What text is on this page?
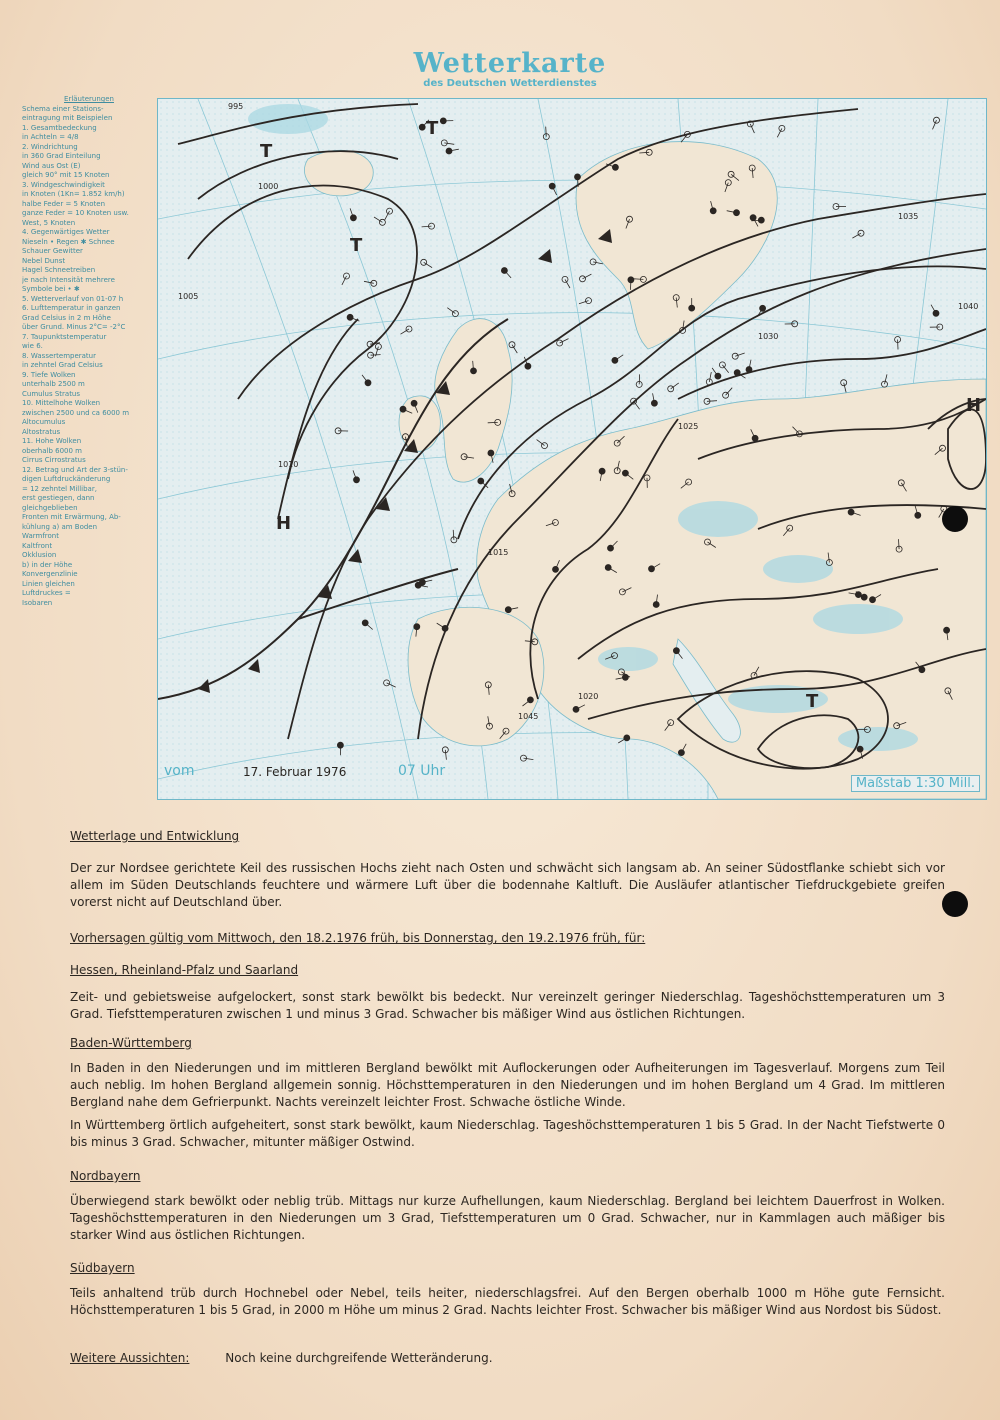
Wetterkarte
des Deutschen Wetterdienstes
Erläuterungen
Schema einer Stations-
eintragung mit Beispielen
1. Gesamtbedeckung
in Achteln = 4/8
2. Windrichtung
in 360 Grad Einteilung
Wind aus Ost (E)
gleich 90° mit 15 Knoten
3. Windgeschwindigkeit
in Knoten (1Kn= 1.852 km/h)
halbe Feder = 5 Knoten
ganze Feder = 10 Knoten usw.
West, 5 Knoten
4. Gegenwärtiges Wetter
Nieseln • Regen ✱ Schnee
Schauer Gewitter
Nebel Dunst
Hagel Schneetreiben
je nach Intensität mehrere
Symbole bei • ✱
5. Wetterverlauf von 01-07 h
6. Lufttemperatur in ganzen
Grad Celsius in 2 m Höhe
über Grund. Minus 2°C= -2°C
7. Taupunktstemperatur
wie 6.
8. Wassertemperatur
in zehntel Grad Celsius
9. Tiefe Wolken
unterhalb 2500 m
Cumulus Stratus
10. Mittelhohe Wolken
zwischen 2500 und ca 6000 m
Altocumulus
Altostratus
11. Hohe Wolken
oberhalb 6000 m
Cirrus Cirrostratus
12. Betrag und Art der 3-stün-
digen Luftdruckänderung
= 12 zehntel Millibar,
erst gestiegen, dann
gleichgeblieben
Fronten mit Erwärmung, Ab-
kühlung a) am Boden
Warmfront
Kaltfront
Okklusion
b) in der Höhe
Konvergenzlinie
Linien gleichen
Luftdruckes =
Isobaren
T
T
T
H
H
T
995
1000
1005
1010
1015
1020
1025
1030
1035
1040
1045
vom	17. Februar 1976	07 Uhr
Maßstab 1:30 Mill.
Wetterlage und Entwicklung
Der zur Nordsee gerichtete Keil des russischen Hochs zieht nach Osten und schwächt sich langsam ab. An seiner Südostflanke schiebt sich vor allem im Süden Deutschlands feuchtere und wärmere Luft über die bodennahe Kaltluft. Die Ausläufer atlantischer Tiefdruckgebiete greifen vorerst nicht auf Deutschland über.
Vorhersagen gültig vom Mittwoch, den 18.2.1976 früh, bis Donnerstag, den 19.2.1976 früh, für:
Hessen, Rheinland-Pfalz und Saarland
Zeit- und gebietsweise aufgelockert, sonst stark bewölkt bis bedeckt. Nur vereinzelt geringer Niederschlag. Tageshöchsttemperaturen um 3 Grad. Tiefsttemperaturen zwischen 1 und minus 3 Grad. Schwacher bis mäßiger Wind aus östlichen Richtungen.
Baden-Württemberg
In Baden in den Niederungen und im mittleren Bergland bewölkt mit Auflockerungen oder Aufheiterungen im Tagesverlauf. Morgens zum Teil auch neblig. Im hohen Bergland allgemein sonnig. Höchsttemperaturen in den Niederungen und im hohen Bergland um 4 Grad. Im mittleren Bergland nahe dem Gefrierpunkt. Nachts vereinzelt leichter Frost. Schwache östliche Winde.
In Württemberg örtlich aufgeheitert, sonst stark bewölkt, kaum Niederschlag. Tageshöchsttemperaturen 1 bis 5 Grad. In der Nacht Tiefstwerte 0 bis minus 3 Grad. Schwacher, mitunter mäßiger Ostwind.
Nordbayern
Überwiegend stark bewölkt oder neblig trüb. Mittags nur kurze Aufhellungen, kaum Niederschlag. Bergland bei leichtem Dauerfrost in Wolken. Tageshöchsttemperaturen in den Niederungen um 3 Grad, Tiefsttemperaturen um 0 Grad. Schwacher, nur in Kammlagen auch mäßiger bis starker Wind aus östlichen Richtungen.
Südbayern
Teils anhaltend trüb durch Hochnebel oder Nebel, teils heiter, niederschlagsfrei. Auf den Bergen oberhalb 1000 m Höhe gute Fernsicht. Höchsttemperaturen 1 bis 5 Grad, in 2000 m Höhe um minus 2 Grad. Nachts leichter Frost. Schwacher bis mäßiger Wind aus Nordost bis Südost.
Weitere Aussichten:	Noch keine durchgreifende Wetteränderung.
